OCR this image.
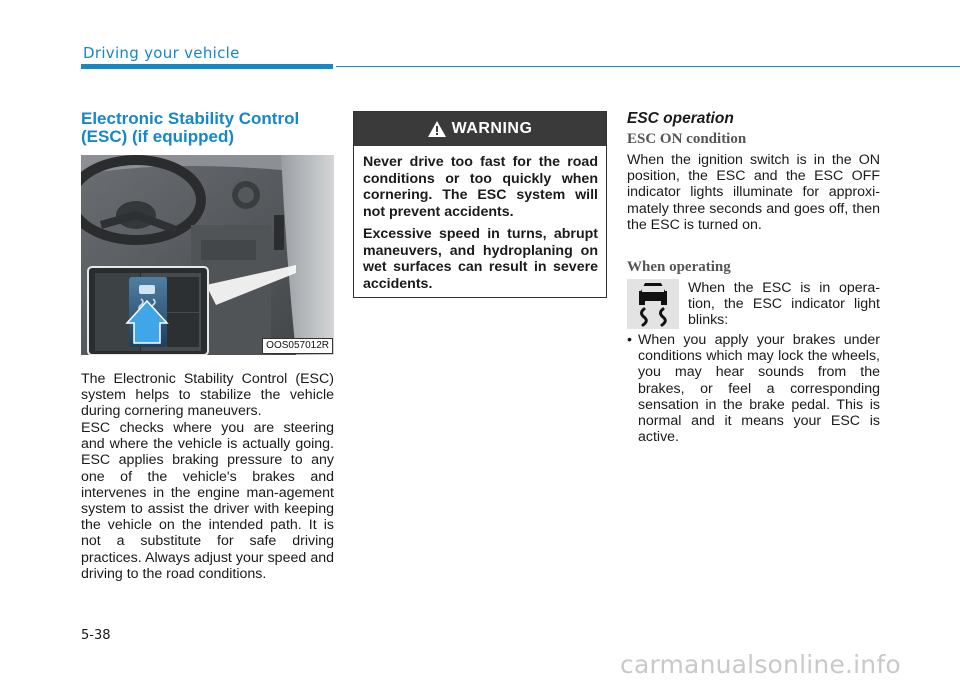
Driving your vehicle
Electronic Stability Control
(ESC) (if equipped)
OOS057012R

The Electronic Stability Control (ESC) system helps to stabilize the vehicle during cornering maneuvers.

ESC checks where you are steering and where the vehicle is actually going. ESC applies braking pressure to any one of the vehicle's brakes and intervenes in the engine man-agement system to assist the driver with keeping the vehicle on the intended path. It is not a substitute for safe driving practices. Always adjust your speed and driving to the road conditions.

WARNING

Never drive too fast for the road conditions or too quickly when cornering. The ESC system will not prevent accidents.

Excessive speed in turns, abrupt maneuvers, and hydroplaning on wet surfaces can result in severe accidents.

ESC operation
ESC ON condition

When the ignition switch is in the ON position, the ESC and the ESC OFF indicator lights illuminate for approxi-mately three seconds and goes off, then the ESC is turned on.

When operating

When the ESC is in opera-tion, the ESC indicator light blinks:

• When you apply your brakes under conditions which may lock the wheels, you may hear sounds from the brakes, or feel a corresponding sensation in the brake pedal. This is normal and it means your ESC is active.
5-38
carmanualsonline.info
